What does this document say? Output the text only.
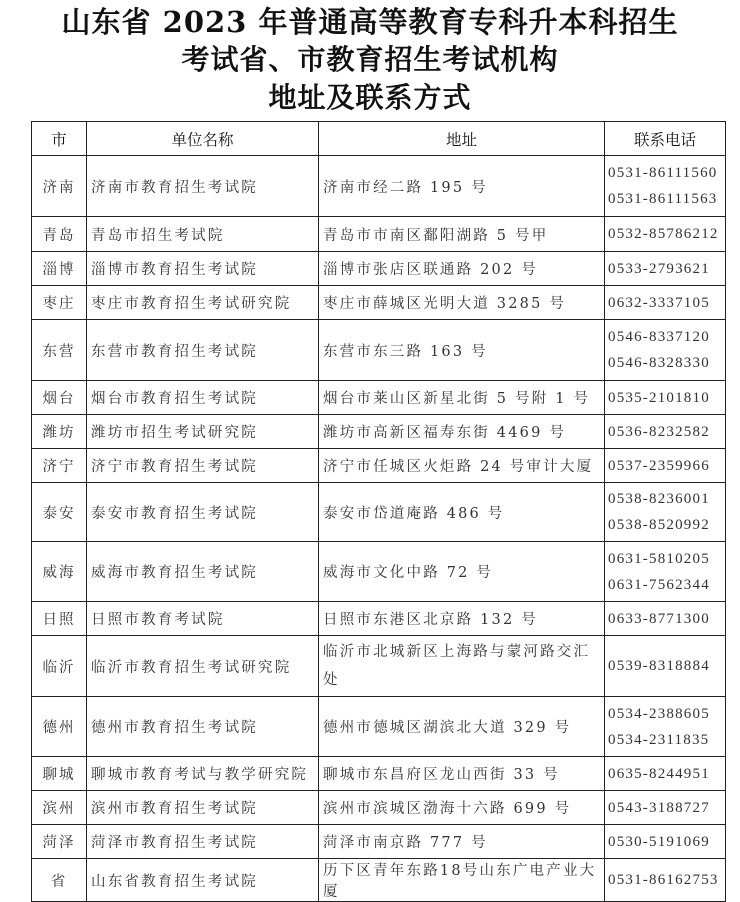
山东省 2023 年普通高等教育专科升本科招生
考试省、市教育招生考试机构
地址及联系方式
市	单位名称	地址	联系电话
济南	济南市教育招生考试院	济南市经二路 195 号	0531-86111560
0531-86111563

青岛	青岛市招生考试院	青岛市市南区鄱阳湖路 5 号甲	0532-85786212

淄博	淄博市教育招生考试院	淄博市张店区联通路 202 号	0533-2793621

枣庄	枣庄市教育招生考试研究院	枣庄市薛城区光明大道 3285 号	0632-3337105

东营	东营市教育招生考试院	东营市东三路 163 号	0546-8337120
0546-8328330

烟台	烟台市教育招生考试院	烟台市莱山区新星北街 5 号附 1 号	0535-2101810

潍坊	潍坊市招生考试研究院	潍坊市高新区福寿东街 4469 号	0536-8232582

济宁	济宁市教育招生考试院	济宁市任城区火炬路 24 号审计大厦	0537-2359966

泰安	泰安市教育招生考试院	泰安市岱道庵路 486 号	0538-8236001
0538-8520992

威海	威海市教育招生考试院	威海市文化中路 72 号	0631-5810205
0631-7562344

日照	日照市教育考试院	日照市东港区北京路 132 号	0633-8771300

临沂	临沂市教育招生考试研究院	临沂市北城新区上海路与蒙河路交汇处	0539-8318884

德州	德州市教育招生考试院	德州市德城区湖滨北大道 329 号	0534-2388605
0534-2311835

聊城	聊城市教育考试与教学研究院	聊城市东昌府区龙山西街 33 号	0635-8244951

滨州	滨州市教育招生考试院	滨州市滨城区渤海十六路 699 号	0543-3188727

菏泽	菏泽市教育招生考试院	菏泽市南京路 777 号	0530-5191069

省	山东省教育招生考试院	历下区青年东路18号山东广电产业大厦	0531-86162753
